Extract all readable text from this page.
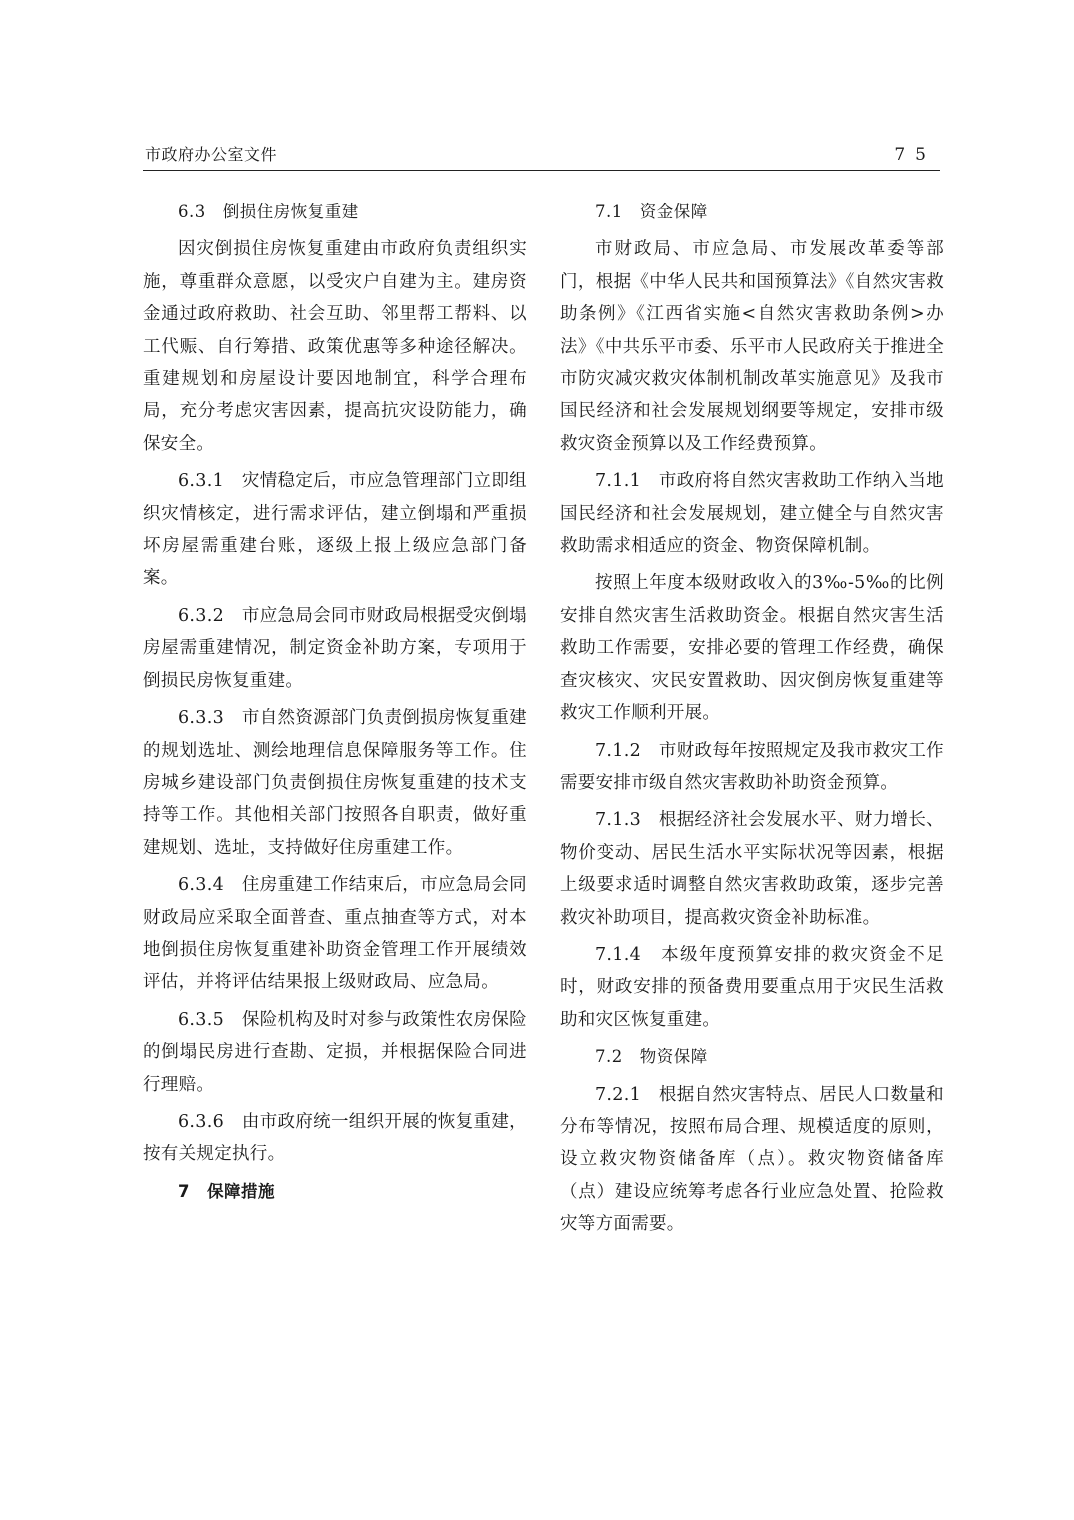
市政府办公室文件	75

6.3　倒损住房恢复重建

因灾倒损住房恢复重建由市政府负责组织实施，尊重群众意愿，以受灾户自建为主。建房资金通过政府救助、社会互助、邻里帮工帮料、以工代赈、自行筹措、政策优惠等多种途径解决。重建规划和房屋设计要因地制宜，科学合理布局，充分考虑灾害因素，提高抗灾设防能力，确保安全。

6.3.1　灾情稳定后，市应急管理部门立即组织灾情核定，进行需求评估，建立倒塌和严重损坏房屋需重建台账，逐级上报上级应急部门备案。

6.3.2　市应急局会同市财政局根据受灾倒塌房屋需重建情况，制定资金补助方案，专项用于倒损民房恢复重建。

6.3.3　市自然资源部门负责倒损房恢复重建的规划选址、测绘地理信息保障服务等工作。住房城乡建设部门负责倒损住房恢复重建的技术支持等工作。其他相关部门按照各自职责，做好重建规划、选址，支持做好住房重建工作。

6.3.4　住房重建工作结束后，市应急局会同财政局应采取全面普查、重点抽查等方式，对本地倒损住房恢复重建补助资金管理工作开展绩效评估，并将评估结果报上级财政局、应急局。

6.3.5　保险机构及时对参与政策性农房保险的倒塌民房进行查勘、定损，并根据保险合同进行理赔。

6.3.6　由市政府统一组织开展的恢复重建，按有关规定执行。

7　保障措施

7.1　资金保障

市财政局、市应急局、市发展改革委等部门，根据《中华人民共和国预算法》《自然灾害救助条例》《江西省实施<自然灾害救助条例>办法》《中共乐平市委、乐平市人民政府关于推进全市防灾减灾救灾体制机制改革实施意见》及我市国民经济和社会发展规划纲要等规定，安排市级救灾资金预算以及工作经费预算。

7.1.1　市政府将自然灾害救助工作纳入当地国民经济和社会发展规划，建立健全与自然灾害救助需求相适应的资金、物资保障机制。

按照上年度本级财政收入的3‰-5‰的比例安排自然灾害生活救助资金。根据自然灾害生活救助工作需要，安排必要的管理工作经费，确保查灾核灾、灾民安置救助、因灾倒房恢复重建等救灾工作顺利开展。

7.1.2　市财政每年按照规定及我市救灾工作需要安排市级自然灾害救助补助资金预算。

7.1.3　根据经济社会发展水平、财力增长、物价变动、居民生活水平实际状况等因素，根据上级要求适时调整自然灾害救助政策，逐步完善救灾补助项目，提高救灾资金补助标准。

7.1.4　本级年度预算安排的救灾资金不足时，财政安排的预备费用要重点用于灾民生活救助和灾区恢复重建。

7.2　物资保障

7.2.1　根据自然灾害特点、居民人口数量和分布等情况，按照布局合理、规模适度的原则，设立救灾物资储备库（点）。救灾物资储备库（点）建设应统筹考虑各行业应急处置、抢险救灾等方面需要。
